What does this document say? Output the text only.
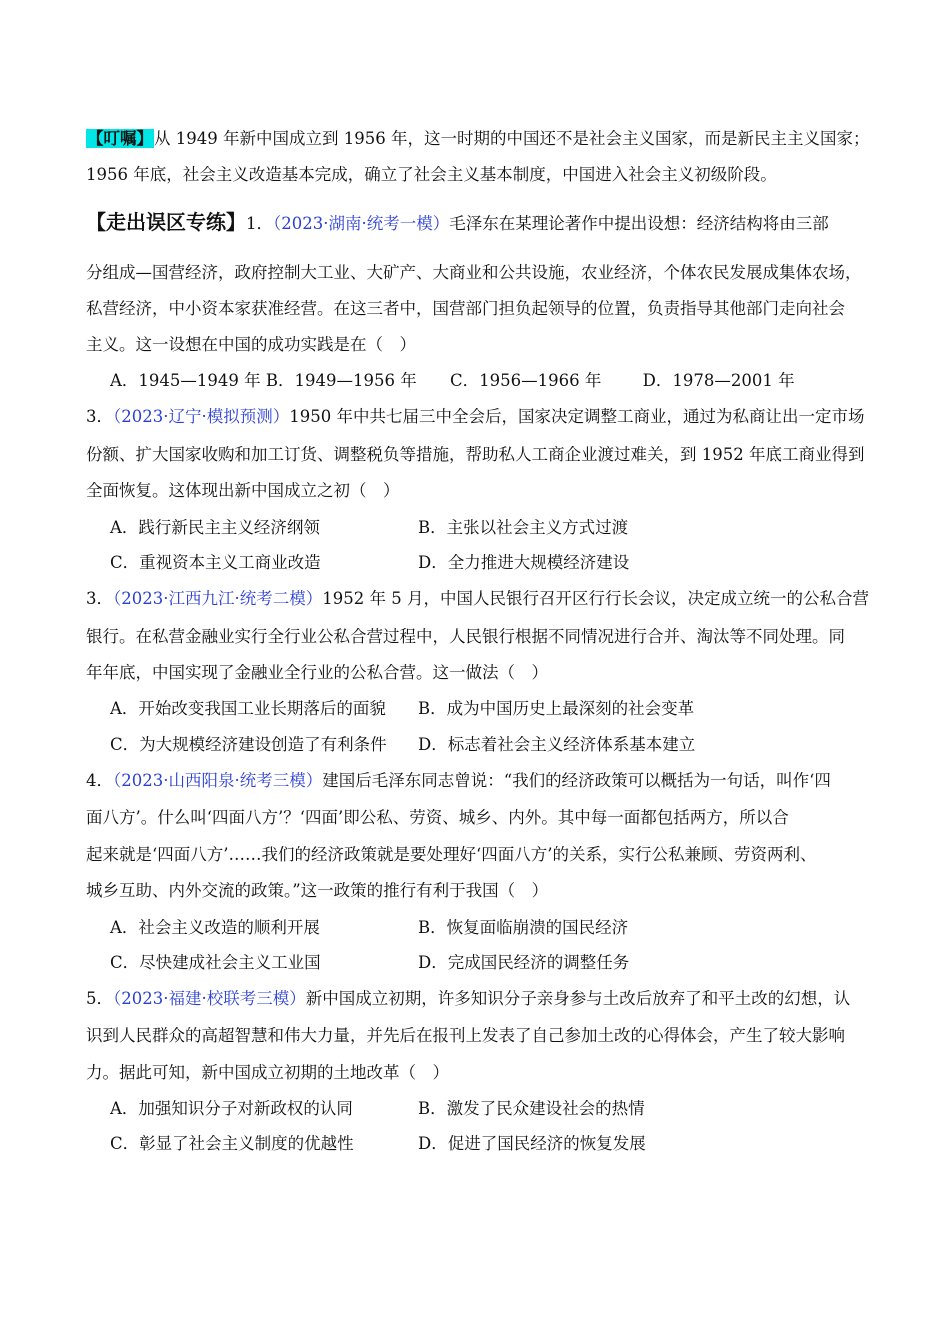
【叮嘱】从 1949 年新中国成立到 1956 年，这一时期的中国还不是社会主义国家，而是新民主主义国家；
1956 年底，社会主义改造基本完成，确立了社会主义基本制度，中国进入社会主义初级阶段。
【走出误区专练】1．（2023·湖南·统考一模）毛泽东在某理论著作中提出设想：经济结构将由三部
分组成—国营经济，政府控制大工业、大矿产、大商业和公共设施，农业经济，个体农民发展成集体农场，
私营经济，中小资本家获准经营。在这三者中，国营部门担负起领导的位置，负责指导其他部门走向社会
主义。这一设想在中国的成功实践是在（　）
A．1945—1949 年 B．1949—1956 年 C．1956—1966 年	D．1978—2001 年
3．（2023·辽宁·模拟预测）1950 年中共七届三中全会后，国家决定调整工商业，通过为私商让出一定市场
份额、扩大国家收购和加工订货、调整税负等措施，帮助私人工商企业渡过难关，到 1952 年底工商业得到
全面恢复。这体现出新中国成立之初（　）
A．践行新民主主义经济纲领	B．主张以社会主义方式过渡
C．重视资本主义工商业改造	D．全力推进大规模经济建设
3．（2023·江西九江·统考二模）1952 年 5 月，中国人民银行召开区行行长会议，决定成立统一的公私合营
银行。在私营金融业实行全行业公私合营过程中，人民银行根据不同情况进行合并、淘汰等不同处理。同
年年底，中国实现了金融业全行业的公私合营。这一做法（　）
A．开始改变我国工业长期落后的面貌 B．成为中国历史上最深刻的社会变革
C．为大规模经济建设创造了有利条件 D．标志着社会主义经济体系基本建立
4．（2023·山西阳泉·统考三模）建国后毛泽东同志曾说：“我们的经济政策可以概括为一句话，叫作‘四
面八方’。什么叫‘四面八方’？‘四面’即公私、劳资、城乡、内外。其中每一面都包括两方，所以合
起来就是‘四面八方’……我们的经济政策就是要处理好‘四面八方’的关系，实行公私兼顾、劳资两利、
城乡互助、内外交流的政策。”这一政策的推行有利于我国（　）
A．社会主义改造的顺利开展	B．恢复面临崩溃的国民经济
C．尽快建成社会主义工业国	D．完成国民经济的调整任务
5．（2023·福建·校联考三模）新中国成立初期，许多知识分子亲身参与土改后放弃了和平土改的幻想，认
识到人民群众的高超智慧和伟大力量，并先后在报刊上发表了自己参加土改的心得体会，产生了较大影响
力。据此可知，新中国成立初期的土地改革（　）
A．加强知识分子对新政权的认同	B．激发了民众建设社会的热情
C．彰显了社会主义制度的优越性	D．促进了国民经济的恢复发展
